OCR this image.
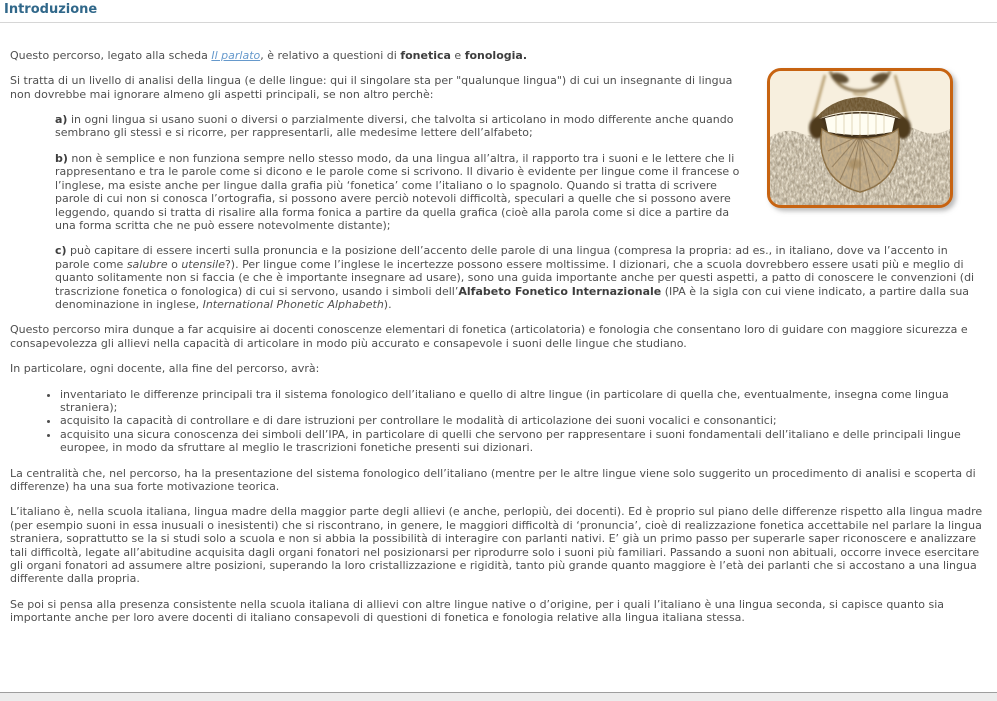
Introduzione

Questo percorso, legato alla scheda Il parlato, è relativo a questioni di fonetica e fonologia.

Si tratta di un livello di analisi della lingua (e delle lingue: qui il singolare sta per "qualunque lingua") di cui un insegnante di lingua non dovrebbe mai ignorare almeno gli aspetti principali, se non altro perchè:

a) in ogni lingua si usano suoni o diversi o parzialmente diversi, che talvolta si articolano in modo differente anche quando sembrano gli stessi e si ricorre, per rappresentarli, alle medesime lettere dell’alfabeto;

b) non è semplice e non funziona sempre nello stesso modo, da una lingua all’altra, il rapporto tra i suoni e le lettere che li rappresentano e tra le parole come si dicono e le parole come si scrivono. Il divario è evidente per lingue come il francese o l’inglese, ma esiste anche per lingue dalla grafia più ‘fonetica’ come l’italiano o lo spagnolo. Quando si tratta di scrivere parole di cui non si conosca l’ortografia, si possono avere perciò notevoli difficoltà, speculari a quelle che si possono avere leggendo, quando si tratta di risalire alla forma fonica a partire da quella grafica (cioè alla parola come si dice a partire da una forma scritta che ne può essere notevolmente distante);

c) può capitare di essere incerti sulla pronuncia e la posizione dell’accento delle parole di una lingua (compresa la propria: ad es., in italiano, dove va l’accento in parole come salubre o utensile?). Per lingue come l’inglese le incertezze possono essere moltissime. I dizionari, che a scuola dovrebbero essere usati più e meglio di quanto solitamente non si faccia (e che è importante insegnare ad usare), sono una guida importante anche per questi aspetti, a patto di conoscere le convenzioni (di trascrizione fonetica o fonologica) di cui si servono, usando i simboli dell’Alfabeto Fonetico Internazionale (IPA è la sigla con cui viene indicato, a partire dalla sua denominazione in inglese, International Phonetic Alphabeth).

Questo percorso mira dunque a far acquisire ai docenti conoscenze elementari di fonetica (articolatoria) e fonologia che consentano loro di guidare con maggiore sicurezza e consapevolezza gli allievi nella capacità di articolare in modo più accurato e consapevole i suoni delle lingue che studiano.

In particolare, ogni docente, alla fine del percorso, avrà:

• inventariato le differenze principali tra il sistema fonologico dell’italiano e quello di altre lingue (in particolare di quella che, eventualmente, insegna come lingua straniera);
• acquisito la capacità di controllare e di dare istruzioni per controllare le modalità di articolazione dei suoni vocalici e consonantici;
• acquisito una sicura conoscenza dei simboli dell’IPA, in particolare di quelli che servono per rappresentare i suoni fondamentali dell’italiano e delle principali lingue europee, in modo da sfruttare al meglio le trascrizioni fonetiche presenti sui dizionari.

La centralità che, nel percorso, ha la presentazione del sistema fonologico dell’italiano (mentre per le altre lingue viene solo suggerito un procedimento di analisi e scoperta di differenze) ha una sua forte motivazione teorica.

L’italiano è, nella scuola italiana, lingua madre della maggior parte degli allievi (e anche, perlopiù, dei docenti). Ed è proprio sul piano delle differenze rispetto alla lingua madre (per esempio suoni in essa inusuali o inesistenti) che si riscontrano, in genere, le maggiori difficoltà di ‘pronuncia’, cioè di realizzazione fonetica accettabile nel parlare la lingua straniera, soprattutto se la si studi solo a scuola e non si abbia la possibilità di interagire con parlanti nativi. E’ già un primo passo per superarle saper riconoscere e analizzare tali difficoltà, legate all’abitudine acquisita dagli organi fonatori nel posizionarsi per riprodurre solo i suoni più familiari. Passando a suoni non abituali, occorre invece esercitare gli organi fonatori ad assumere altre posizioni, superando la loro cristallizzazione e rigidità, tanto più grande quanto maggiore è l’età dei parlanti che si accostano a una lingua differente dalla propria.

Se poi si pensa alla presenza consistente nella scuola italiana di allievi con altre lingue native o d’origine, per i quali l’italiano è una lingua seconda, si capisce quanto sia importante anche per loro avere docenti di italiano consapevoli di questioni di fonetica e fonologia relative alla lingua italiana stessa.
